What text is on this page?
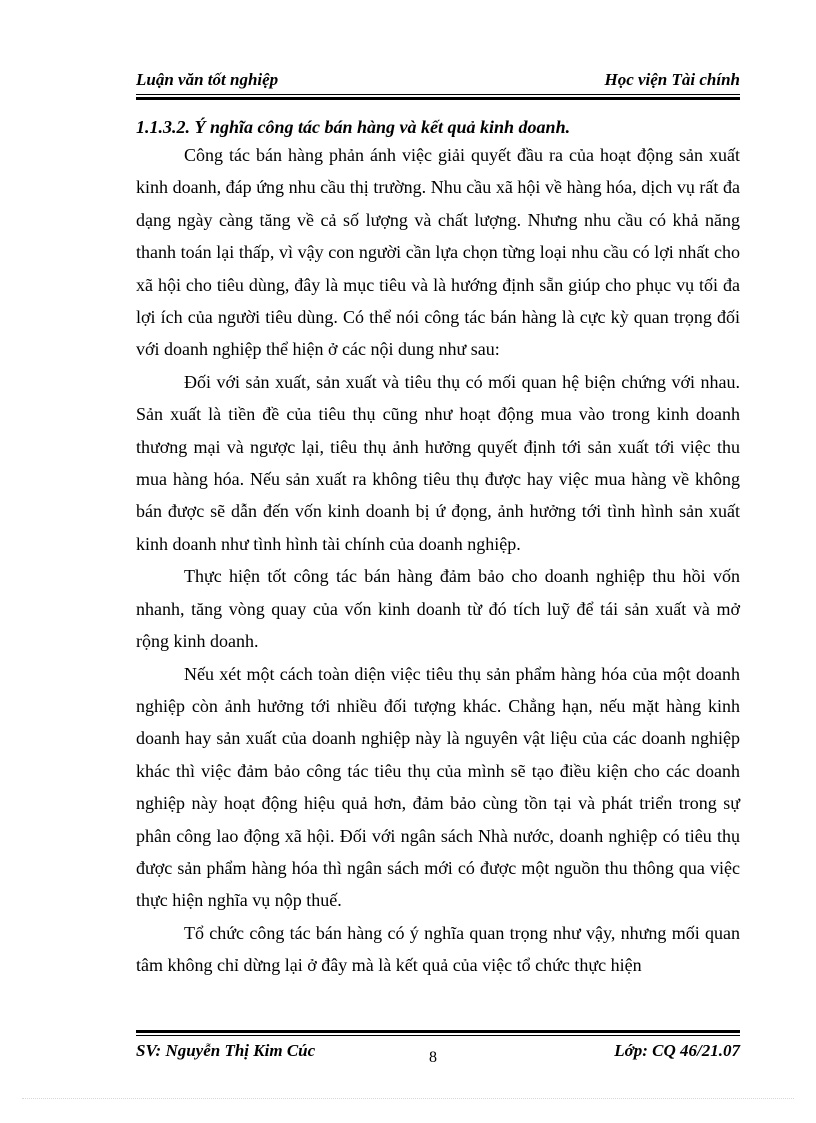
Luận văn tốt nghiệp	Học viện Tài chính
1.1.3.2. Ý nghĩa công tác bán hàng và kết quả kinh doanh.

Công tác bán hàng phản ánh việc giải quyết đầu ra của hoạt động sản xuất kinh doanh, đáp ứng nhu cầu thị trường. Nhu cầu xã hội về hàng hóa, dịch vụ rất đa dạng ngày càng tăng về cả số lượng và chất lượng. Nhưng nhu cầu có khả năng thanh toán lại thấp, vì vậy con người cần lựa chọn từng loại nhu cầu có lợi nhất cho xã hội cho tiêu dùng, đây là mục tiêu và là hướng định sẵn giúp cho phục vụ tối đa lợi ích của người tiêu dùng. Có thể nói công tác bán hàng là cực kỳ quan trọng đối với doanh nghiệp thể hiện ở các nội dung như sau:

Đối với sản xuất, sản xuất và tiêu thụ có mối quan hệ biện chứng với nhau. Sản xuất là tiền đề của tiêu thụ cũng như hoạt động mua vào trong kinh doanh thương mại và ngược lại, tiêu thụ ảnh hưởng quyết định tới sản xuất tới việc thu mua hàng hóa. Nếu sản xuất ra không tiêu thụ được hay việc mua hàng về không bán được sẽ dẫn đến vốn kinh doanh bị ứ đọng, ảnh hưởng tới tình hình sản xuất kinh doanh như tình hình tài chính của doanh nghiệp.

Thực hiện tốt công tác bán hàng đảm bảo cho doanh nghiệp thu hồi vốn nhanh, tăng vòng quay của vốn kinh doanh từ đó tích luỹ để tái sản xuất và mở rộng kinh doanh.

Nếu xét một cách toàn diện việc tiêu thụ sản phẩm hàng hóa của một doanh nghiệp còn ảnh hưởng tới nhiều đối tượng khác. Chẳng hạn, nếu mặt hàng kinh doanh hay sản xuất của doanh nghiệp này là nguyên vật liệu của các doanh nghiệp khác thì việc đảm bảo công tác tiêu thụ của mình sẽ tạo điều kiện cho các doanh nghiệp này hoạt động hiệu quả hơn, đảm bảo cùng tồn tại và phát triển trong sự phân công lao động xã hội. Đối với ngân sách Nhà nước, doanh nghiệp có tiêu thụ được sản phẩm hàng hóa thì ngân sách mới có được một nguồn thu thông qua việc thực hiện nghĩa vụ nộp thuế.

Tổ chức công tác bán hàng có ý nghĩa quan trọng như vậy, nhưng mối quan tâm không chỉ dừng lại ở đây mà là kết quả của việc tổ chức thực hiện

SV: Nguyễn Thị Kim Cúc	8	Lớp: CQ 46/21.07
